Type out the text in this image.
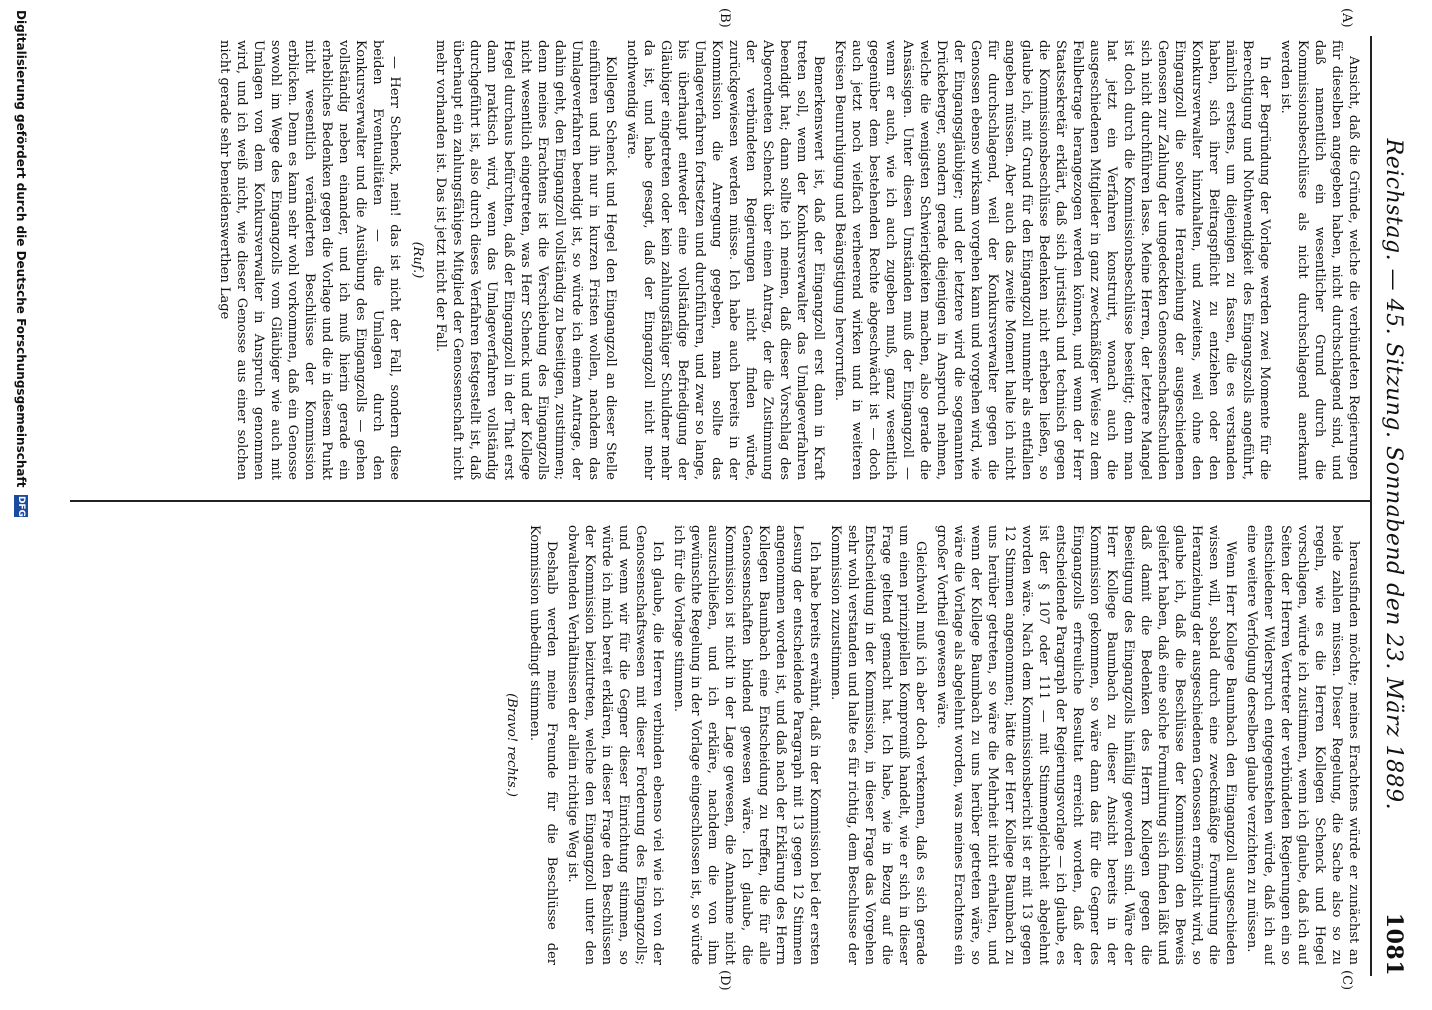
Reichstag. — 45. Sitzung. Sonnabend den 23. März 1889.
1081
(A)
(B)
(C)
(D)

Ansicht, daß die Gründe, welche die verbündeten Regierungen für dieselben angegeben haben, nicht durchschlagend sind, und daß namentlich ein wesentlicher Grund durch die Kommissionsbeschlüsse als nicht durchschlagend anerkannt werden ist.

In der Begründung der Vorlage werden zwei Momente für die Berechtigung und Nothwendigkeit des Eingangszolls angeführt, nämlich erstens, um diejenigen zu fassen, die es verstanden haben, sich ihrer Beitragspflicht zu entziehen oder den Konkursverwalter hinzuhalten, und zweitens, weil ohne den Eingangzoll die solvente Heranziehung der ausgeschiedenen Genossen zur Zahlung der ungedeckten Genossenschaftsschulden sich nicht durchführen lasse. Meine Herren, der letztere Mangel ist doch durch die Kommissionsbeschlüsse beseitigt; denn man hat jetzt ein Verfahren konstruirt, wonach auch die ausgeschiedenen Mitglieder in ganz zweckmäßiger Weise zu dem Fehlbetrage herangezogen werden können, und wenn der Herr Staatssekretär erklärt, daß sich juristisch und technisch gegen die Kommissionsbeschlüsse Bedenken nicht erheben ließen, so glaube ich, mit Grund für den Eingangzoll nunmehr als entfallen angeben müssen. Aber auch das zweite Moment halte ich nicht für durchschlagend, weil der Konkursverwalter gegen die Genossen ebenso wirksam vorgehen kann und vorgehen wird, wie der Eingangsgläubiger; und der letztere wird die sogenannten Drückeberger, sondern gerade diejenigen in Anspruch nehmen, welche die wenigsten Schwierigkeiten machen, also gerade die Ansässigen. Unter diesen Umständen muß der Eingangzoll — wenn er auch, wie ich auch zugeben muß, ganz wesentlich gegenüber dem bestehenden Rechte abgeschwächt ist — doch auch jetzt noch vielfach verheerend wirken und in weiteren Kreisen Beunruhigung und Beängstigung hervorrufen.

Bemerkenswert ist, daß der Eingangzoll erst dann in Kraft treten soll, wenn der Konkursverwalter das Umlageverfahren beendigt hat; dann sollte ich meinen, daß dieser Vorschlag des Abgeordneten Schenck über einen Antrag, der die Zustimmung der verbündeten Regierungen nicht finden würde, zurückgewiesen werden müsse. Ich habe auch bereits in der Kommission die Anregung gegeben, man sollte das Umlageverfahren fortsetzen und durchführen, und zwar so lange, bis überhaupt entweder eine vollständige Befriedigung der Gläubiger eingetreten oder kein zahlungsfähiger Schuldner mehr da ist, und habe gesagt, daß der Eingangzoll nicht mehr nothwendig wäre.

Kollegen Schenck und Hegel den Eingangzoll an dieser Stelle einführen und ihn nur in kurzen Fristen wollen, nachdem das Umlageverfahren beendigt ist, so würde ich einem Antrage, der dahin geht, den Eingangzoll vollständig zu beseitigen, zustimmen; denn meines Erachtens ist die Verschiebung des Eingangzolls nicht wesentlich eingetreten, was Herr Schenck und der Kollege Hegel durchaus befürchten, daß der Eingangzoll in der That erst dann praktisch wird, wenn das Umlageverfahren vollständig durchgeführt ist, also durch dieses Verfahren festgestellt ist, daß überhaupt ein zahlungsfähiges Mitglied der Genossenschaft nicht mehr vorhanden ist. Das ist jetzt nicht der Fall.

(Ruf.)

— Herr Schenck, nein! das ist nicht der Fall, sondern diese beiden Eventualitäten — die Umlagen durch den Konkursverwalter und die Ausübung des Eingangzolls — gehen vollständig neben einander, und ich muß hierin gerade ein erhebliches Bedenken gegen die Vorlage und die in diesem Punkt nicht wesentlich veränderten Beschlüsse der Kommission erblicken. Denn es kann sehr wohl vorkommen, daß ein Genosse sowohl im Wege des Eingangzolls vom Gläubiger wie auch mit Umlagen von dem Konkursverwalter in Anspruch genommen wird, und ich weiß nicht, wie dieser Genosse aus einer solchen nicht gerade sehr beneidenswerthen Lage

herausfinden möchte; meines Erachtens würde er zunächst an beide zahlen müssen. Dieser Regelung, die Sache also so zu regeln, wie es die Herren Kollegen Schenck und Hegel vorschlagen, würde ich zustimmen, wenn ich glaube, daß ich auf Seiten der Herren Vertreter der verbündeten Regierungen ein so entschiedener Widerspruch entgegenstehen würde, daß ich auf eine weitere Verfolgung derselben glaube verzichten zu müssen.

Wenn Herr Kollege Baumbach den Eingangzoll ausgeschieden wissen will, sobald durch eine zweckmäßige Formulirung die Heranziehung der ausgeschiedenen Genossen ermöglicht wird, so glaube ich, daß die Beschlüsse der Kommission den Beweis geliefert haben, daß eine solche Formulirung sich finden läßt und daß damit die Bedenken des Herrn Kollegen gegen die Beseitigung des Eingangzolls hinfällig geworden sind. Wäre der Herr Kollege Baumbach zu dieser Ansicht bereits in der Kommission gekommen, so wäre dann das für die Gegner des Eingangzolls erfreuliche Resultat erreicht worden, daß der entscheidende Paragraph der Regierungsvorlage — ich glaube, es ist der § 107 oder 111 — mit Stimmengleichheit abgelehnt worden wäre. Nach dem Kommissionsbericht ist er mit 13 gegen 12 Stimmen angenommen; hätte der Herr Kollege Baumbach zu uns herüber getreten, so wäre die Mehrheit nicht erhalten, und wenn der Kollege Baumbach zu uns herüber getreten wäre, so wäre die Vorlage als abgelehnt worden, was meines Erachtens ein großer Vortheil gewesen wäre.

Gleichwohl muß ich aber doch verkennen, daß es sich gerade um einen prinzipiellen Kompromiß handelt, wie er sich in dieser Frage geltend gemacht hat. Ich habe, wie in Bezug auf die Entscheidung in der Kommission, in dieser Frage das Vorgehen sehr wohl verstanden und halte es für richtig, dem Beschlusse der Kommission zuzustimmen.

Ich habe bereits erwähnt, daß in der Kommission bei der ersten Lesung der entscheidende Paragraph mit 13 gegen 12 Stimmen angenommen worden ist, und daß nach der Erklärung des Herrn Kollegen Baumbach eine Entscheidung zu treffen, die für alle Genossenschaften bindend gewesen wäre. Ich glaube, die Kommission ist nicht in der Lage gewesen, die Annahme nicht auszuschließen, und ich erkläre, nachdem die von ihm gewünschte Regelung in der Vorlage eingeschlossen ist, so würde ich für die Vorlage stimmen.

Ich glaube, die Herren verbinden ebenso viel wie ich von der Genossenschaftswesen mit dieser Forderung des Eingangzolls; und wenn wir für die Gegner dieser Einrichtung stimmen, so würde ich mich bereit erklären, in dieser Frage den Beschlüssen der Kommission beizutreten, welche den Eingangzoll unter den obwaltenden Verhältnissen der allein richtige Weg ist.

Deshalb werden meine Freunde für die Beschlüsse der Kommission unbedingt stimmen.

(Bravo! rechts.)

Digitalisierung gefördert durch die Deutsche Forschungsgemeinschaft
DFG
